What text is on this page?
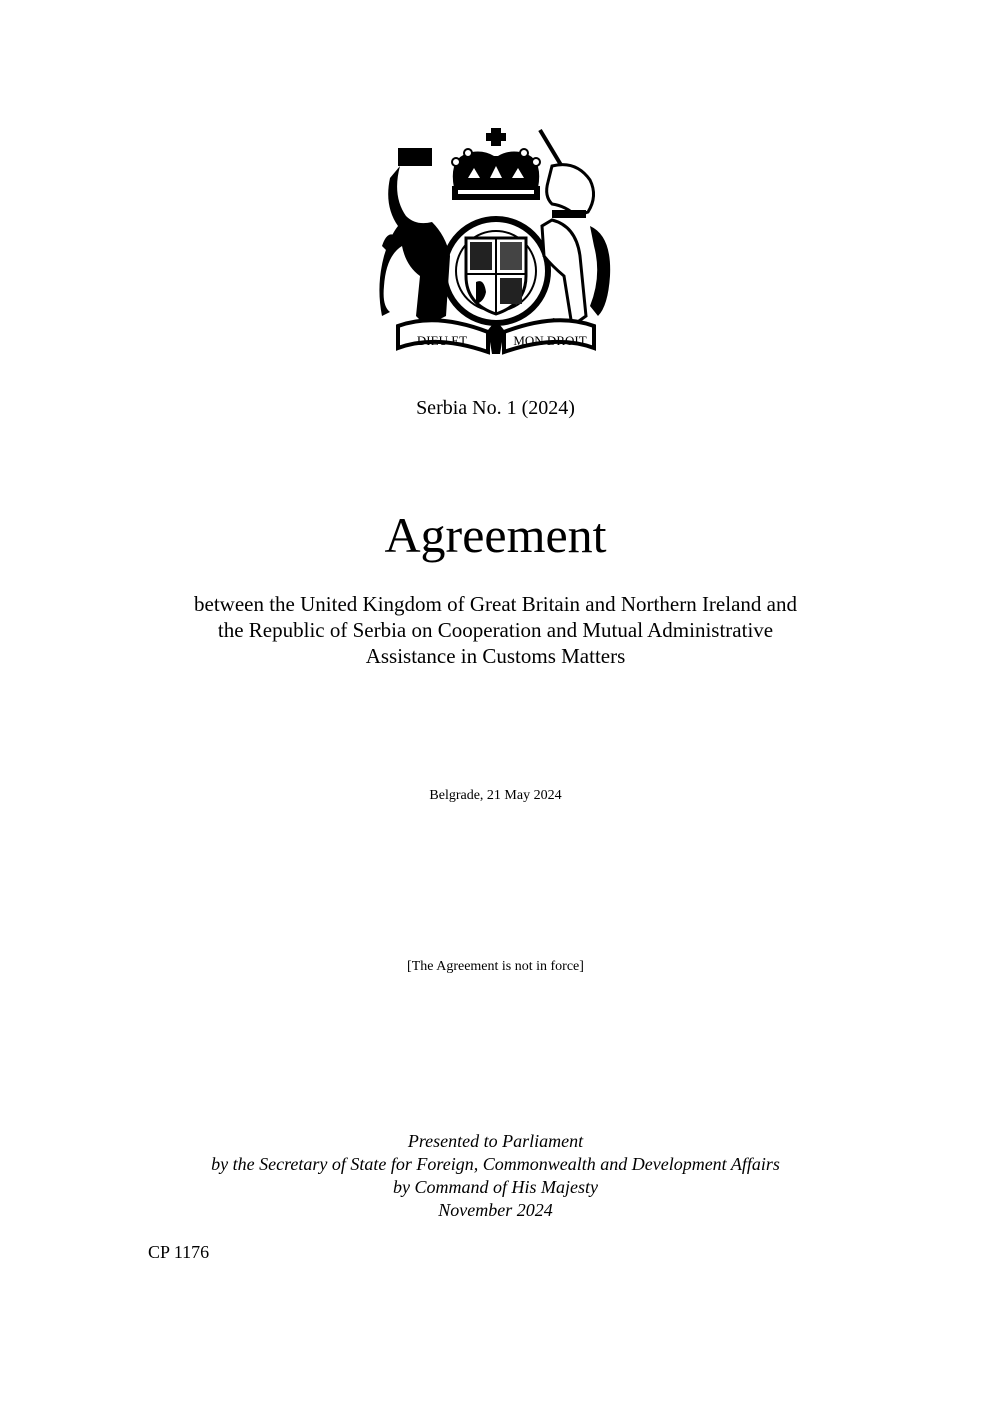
DIEU ET	MON DROIT
Serbia No. 1 (2024)
Agreement
between the United Kingdom of Great Britain and Northern Ireland and
the Republic of Serbia on Cooperation and Mutual Administrative
Assistance in Customs Matters
Belgrade, 21 May 2024
[The Agreement is not in force]
Presented to Parliament
by the Secretary of State for Foreign, Commonwealth and Development Affairs
by Command of His Majesty
November 2024
CP 1176
